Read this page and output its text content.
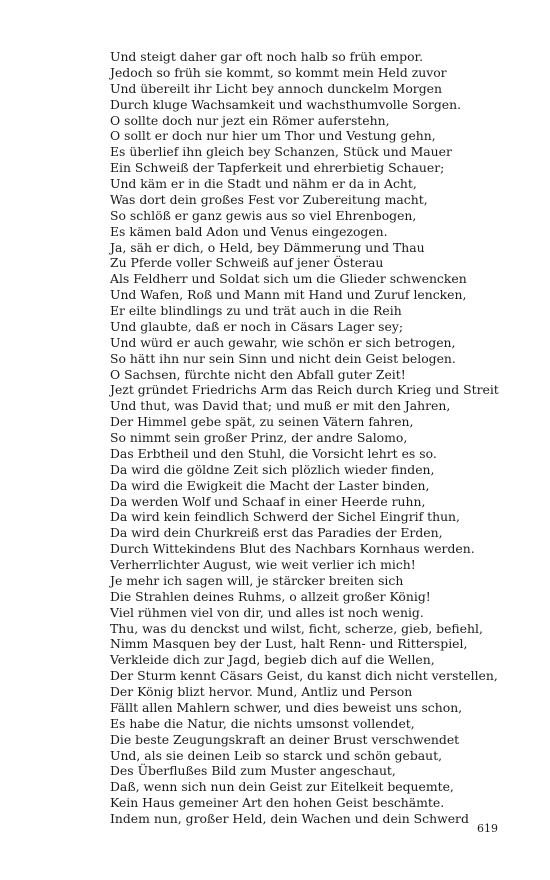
Und steigt daher gar oft noch halb so früh empor.
Jedoch so früh sie kommt, so kommt mein Held zuvor
Und übereilt ihr Licht bey annoch dunckelm Morgen
Durch kluge Wachsamkeit und wachsthumvolle Sorgen.
O sollte doch nur jezt ein Römer auferstehn,
O sollt er doch nur hier um Thor und Vestung gehn,
Es überlief ihn gleich bey Schanzen, Stück und Mauer
Ein Schweiß der Tapferkeit und ehrerbietig Schauer;
Und käm er in die Stadt und nähm er da in Acht,
Was dort dein großes Fest vor Zubereitung macht,
So schlöß er ganz gewis aus so viel Ehrenbogen,
Es kämen bald Adon und Venus eingezogen.
Ja, säh er dich, o Held, bey Dämmerung und Thau
Zu Pferde voller Schweiß auf jener Österau
Als Feldherr und Soldat sich um die Glieder schwencken
Und Wafen, Roß und Mann mit Hand und Zuruf lencken,
Er eilte blindlings zu und trät auch in die Reih
Und glaubte, daß er noch in Cäsars Lager sey;
Und würd er auch gewahr, wie schön er sich betrogen,
So hätt ihn nur sein Sinn und nicht dein Geist belogen.
O Sachsen, fürchte nicht den Abfall guter Zeit!
Jezt gründet Friedrichs Arm das Reich durch Krieg und Streit
Und thut, was David that; und muß er mit den Jahren,
Der Himmel gebe spät, zu seinen Vätern fahren,
So nimmt sein großer Prinz, der andre Salomo,
Das Erbtheil und den Stuhl, die Vorsicht lehrt es so.
Da wird die göldne Zeit sich plözlich wieder finden,
Da wird die Ewigkeit die Macht der Laster binden,
Da werden Wolf und Schaaf in einer Heerde ruhn,
Da wird kein feindlich Schwerd der Sichel Eingrif thun,
Da wird dein Churkreiß erst das Paradies der Erden,
Durch Wittekindens Blut des Nachbars Kornhaus werden.
Verherrlichter August, wie weit verlier ich mich!
Je mehr ich sagen will, je stärcker breiten sich
Die Strahlen deines Ruhms, o allzeit großer König!
Viel rühmen viel von dir, und alles ist noch wenig.
Thu, was du denckst und wilst, ficht, scherze, gieb, befiehl,
Nimm Masquen bey der Lust, halt Renn- und Ritterspiel,
Verkleide dich zur Jagd, begieb dich auf die Wellen,
Der Sturm kennt Cäsars Geist, du kanst dich nicht verstellen,
Der König blizt hervor. Mund, Antliz und Person
Fällt allen Mahlern schwer, und dies beweist uns schon,
Es habe die Natur, die nichts umsonst vollendet,
Die beste Zeugungskraft an deiner Brust verschwendet
Und, als sie deinen Leib so starck und schön gebaut,
Des Überflußes Bild zum Muster angeschaut,
Daß, wenn sich nun dein Geist zur Eitelkeit bequemte,
Kein Haus gemeiner Art den hohen Geist beschämte.
Indem nun, großer Held, dein Wachen und dein Schwerd
619
